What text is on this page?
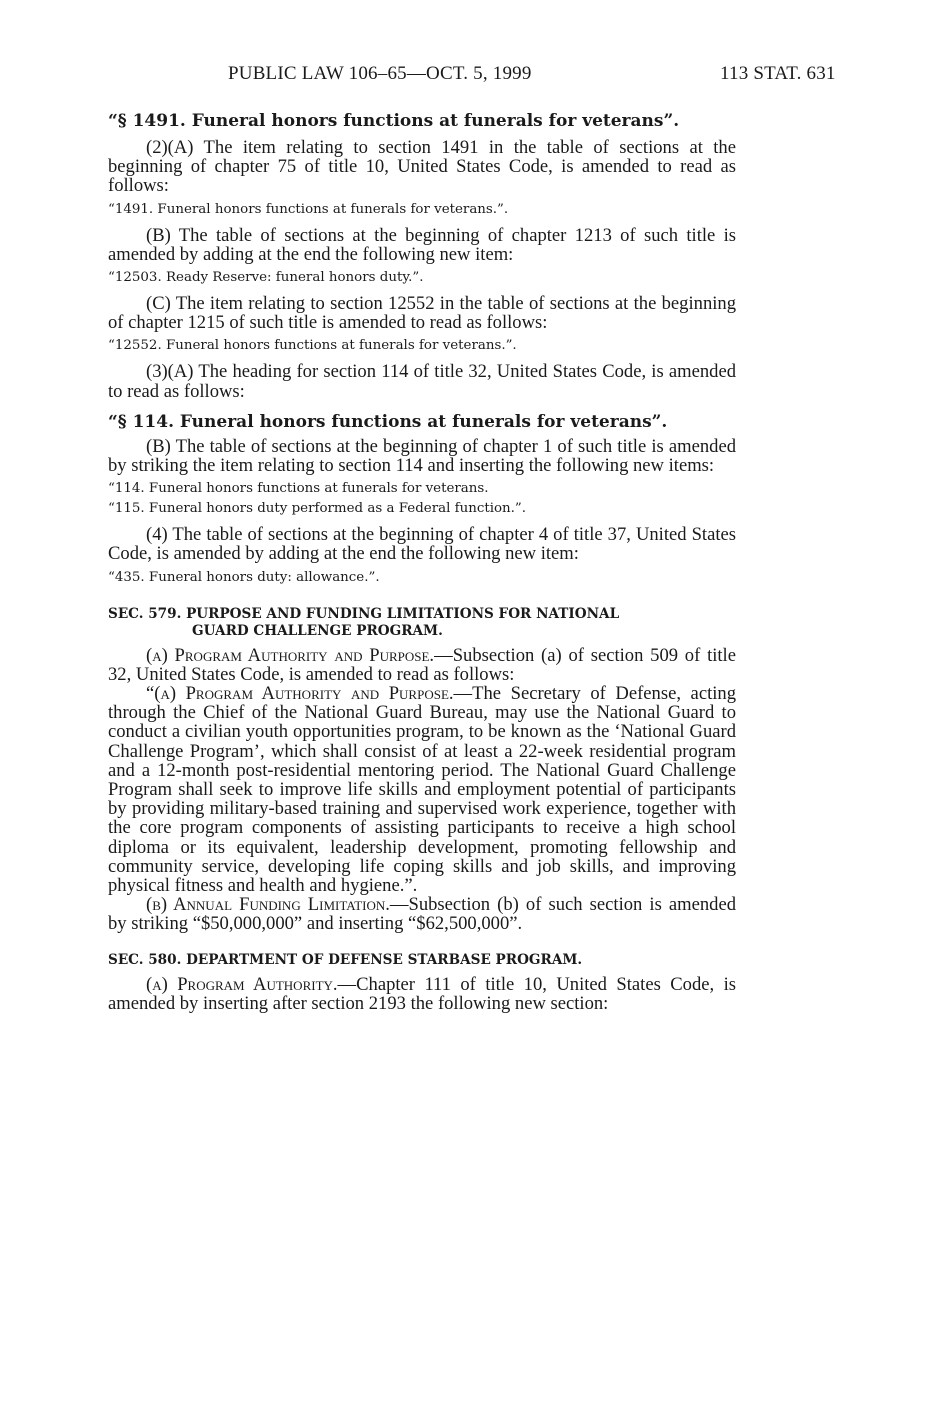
PUBLIC LAW 106–65—OCT. 5, 1999	113 STAT. 631

“§ 1491. Funeral honors functions at funerals for veterans”.

(2)(A) The item relating to section 1491 in the table of sections at the beginning of chapter 75 of title 10, United States Code, is amended to read as follows:

“1491. Funeral honors functions at funerals for veterans.”.

(B) The table of sections at the beginning of chapter 1213 of such title is amended by adding at the end the following new item:

“12503. Ready Reserve: funeral honors duty.”.

(C) The item relating to section 12552 in the table of sections at the beginning of chapter 1215 of such title is amended to read as follows:

“12552. Funeral honors functions at funerals for veterans.”.

(3)(A) The heading for section 114 of title 32, United States Code, is amended to read as follows:

“§ 114. Funeral honors functions at funerals for veterans”.

(B) The table of sections at the beginning of chapter 1 of such title is amended by striking the item relating to section 114 and inserting the following new items:

“114. Funeral honors functions at funerals for veterans.

“115. Funeral honors duty performed as a Federal function.”.

(4) The table of sections at the beginning of chapter 4 of title 37, United States Code, is amended by adding at the end the following new item:

“435. Funeral honors duty: allowance.”.

SEC. 579. PURPOSE AND FUNDING LIMITATIONS FOR NATIONAL
GUARD CHALLENGE PROGRAM.

(a) Program Authority and Purpose.—Subsection (a) of section 509 of title 32, United States Code, is amended to read as follows:

“(a) Program Authority and Purpose.—The Secretary of Defense, acting through the Chief of the National Guard Bureau, may use the National Guard to conduct a civilian youth opportunities program, to be known as the ‘National Guard Challenge Program’, which shall consist of at least a 22-week residential program and a 12-month post-residential mentoring period. The National Guard Challenge Program shall seek to improve life skills and employment potential of participants by providing military-based training and supervised work experience, together with the core program components of assisting participants to receive a high school diploma or its equivalent, leadership development, promoting fellowship and community service, developing life coping skills and job skills, and improving physical fitness and health and hygiene.”.

(b) Annual Funding Limitation.—Subsection (b) of such section is amended by striking “$50,000,000” and inserting “$62,500,000”.

SEC. 580. DEPARTMENT OF DEFENSE STARBASE PROGRAM.

(a) Program Authority.—Chapter 111 of title 10, United States Code, is amended by inserting after section 2193 the following new section:
